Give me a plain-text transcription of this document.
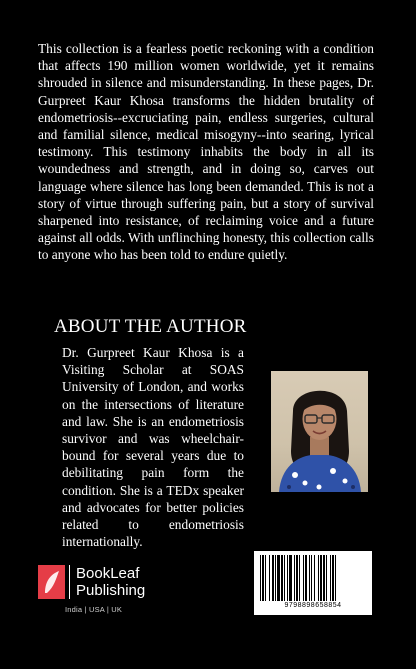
This collection is a fearless poetic reckoning with a condition that affects 190 million women worldwide, yet it remains shrouded in silence and misunderstanding. In these pages, Dr. Gurpreet Kaur Khosa transforms the hidden brutality of endometriosis--excruciating pain, endless surgeries, cultural and familial silence, medical misogyny--into searing, lyrical testimony. This testimony inhabits the body in all its woundedness and strength, and in doing so, carves out language where silence has long been demanded. This is not a story of virtue through suffering pain, but a story of survival sharpened into resistance, of reclaiming voice and a future against all odds. With unflinching honesty, this collection calls to anyone who has been told to endure quietly.

ABOUT THE AUTHOR

Dr. Gurpreet Kaur Khosa is a Visiting Scholar at SOAS University of London, and works on the intersections of literature and law. She is an endometriosis survivor and was wheelchair-bound for several years due to debilitating pain form the condition. She is a TEDx speaker and advocates for better policies related to endometriosis internationally.

BookLeaf Publishing
India | USA | UK	9798898658854
